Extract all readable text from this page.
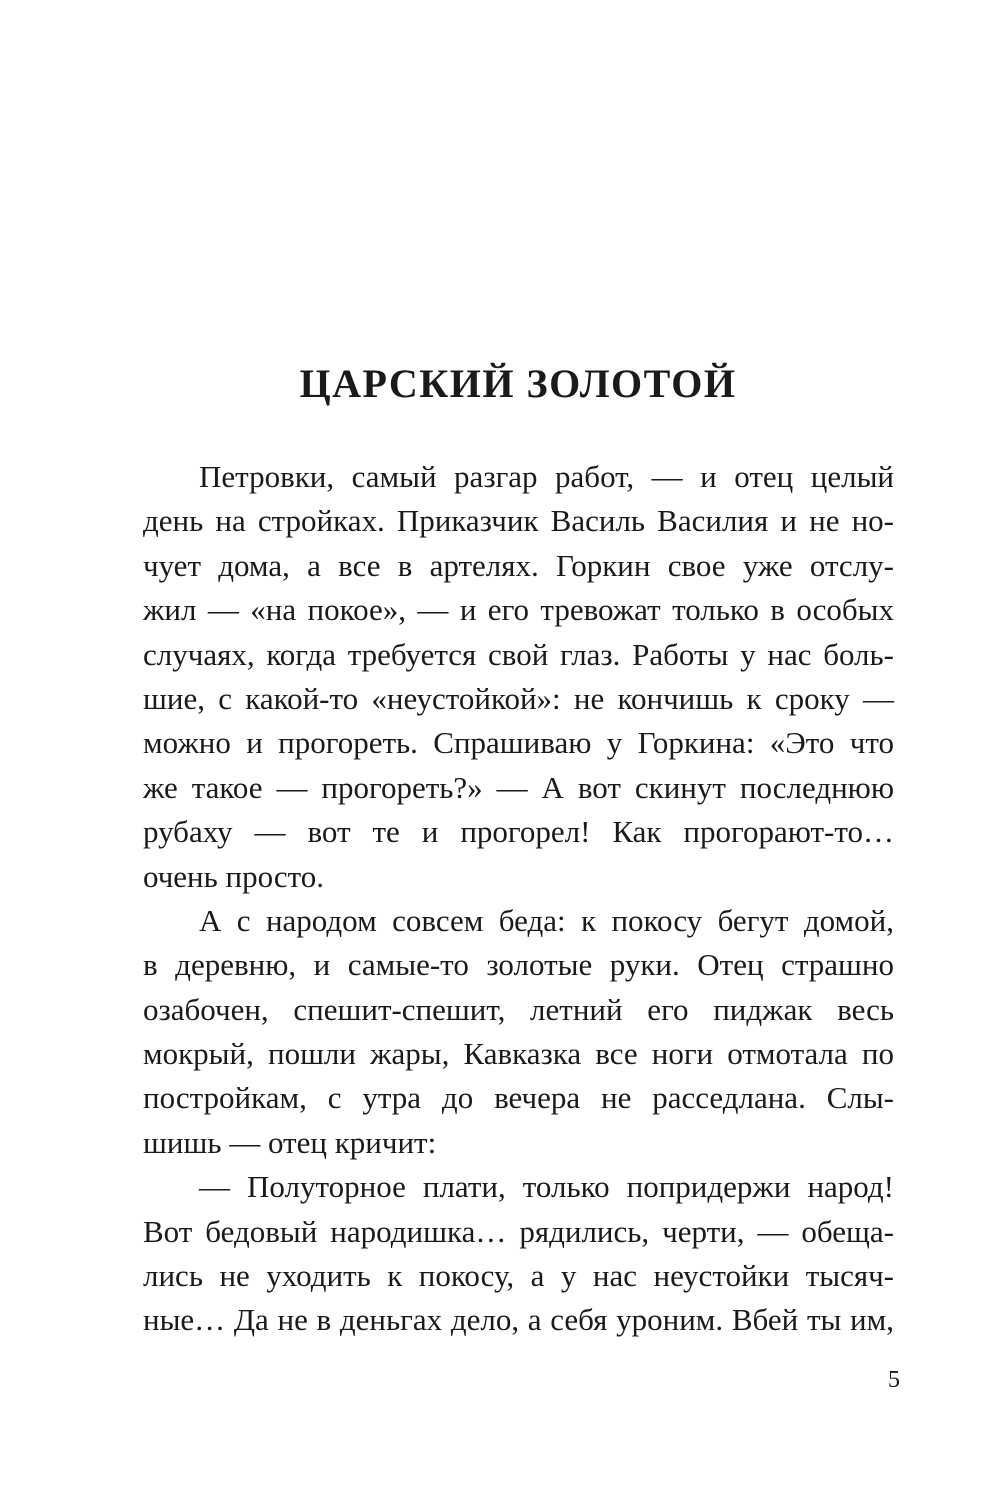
ЦАРСКИЙ ЗОЛОТОЙ
Петровки, самый разгар работ, — и отец целый
день на стройках. Приказчик Василь Василия и не но-
чует дома, а все в артелях. Горкин свое уже отслу-
жил — «на покое», — и его тревожат только в особых
случаях, когда требуется свой глаз. Работы у нас боль-
шие, с какой-то «неустойкой»: не кончишь к сроку —
можно и прогореть. Спрашиваю у Горкина: «Это что
же такое — прогореть?» — А вот скинут последнюю
рубаху — вот те и прогорел! Как прогорают-то…
очень просто.
А с народом совсем беда: к покосу бегут домой,
в деревню, и самые-то золотые руки. Отец страшно
озабочен, спешит-спешит, летний его пиджак весь
мокрый, пошли жары, Кавказка все ноги отмотала по
постройкам, с утра до вечера не расседлана. Слы-
шишь — отец кричит:
— Полуторное плати, только попридержи народ!
Вот бедовый народишка… рядились, черти, — обеща-
лись не уходить к покосу, а у нас неустойки тысяч-
ные… Да не в деньгах дело, а себя уроним. Вбей ты им,
5
